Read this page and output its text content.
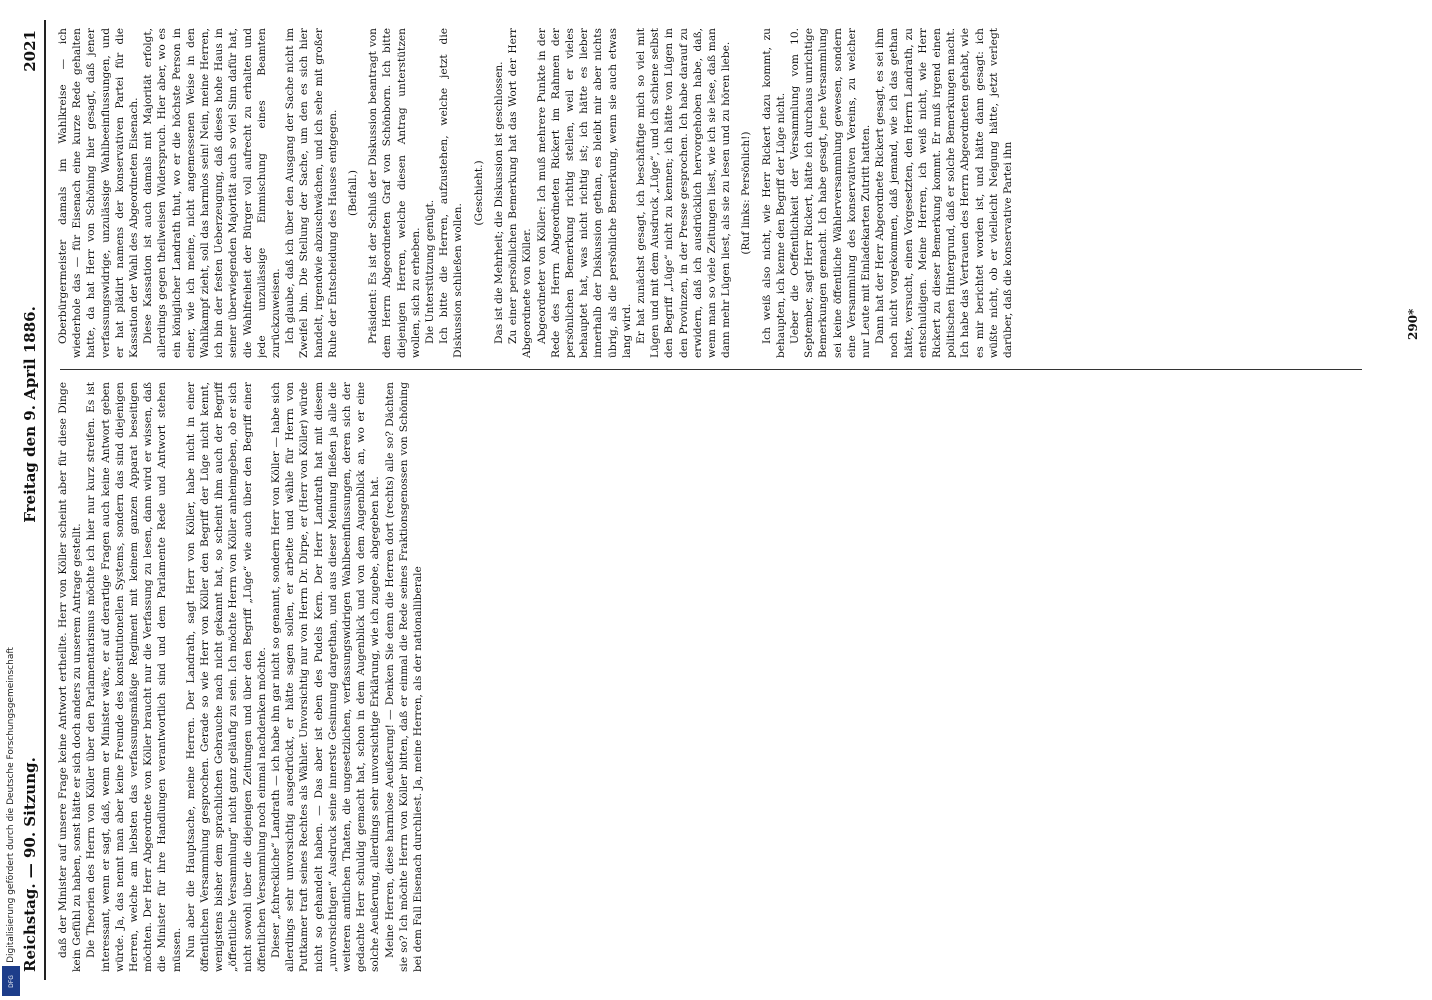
Reichstag. — 90. Sitzung.
Freitag den 9. April 1886.
2021

daß der Minister auf unsere Frage keine Antwort ertheilte. Herr von Köller scheint aber für diese Dinge kein Gefühl zu haben, sonst hätte er sich doch anders zu unserem Antrage gestellt. Die Theorien des Herrn von Köller über den Parlamentarismus möchte ich hier nur kurz streifen. Es ist interessant, wenn er sagt, daß, wenn er Minister wäre, er auf derartige Fragen auch keine Antwort geben würde. Ja, das nennt man aber keine Freunde des konstitutionellen Systems, sondern das sind diejenigen Herren, welche am liebsten das verfassungsmäßige Regiment mit keinem ganzen Apparat beseitigen möchten. Der Herr Abgeordnete von Köller braucht nur die Verfassung zu lesen, dann wird er wissen, daß die Minister für ihre Handlungen verantwortlich sind und dem Parlamente Rede und Antwort stehen müssen. Nun aber die Hauptsache, meine Herren. Der Landrath, sagt Herr von Köller, habe nicht in einer öffentlichen Versammlung gesprochen. Gerade so wie Herr von Köller den Begriff der Lüge nicht kennt, wenigstens bisher dem sprachlichen Gebrauche nach nicht gekannt hat, so scheint ihm auch der Begriff „öffentliche Versammlung“ nicht ganz geläufig zu sein. Ich möchte Herrn von Köller anheimgeben, ob er sich nicht sowohl über die diejenigen Zeitungen und über den Begriff „Lüge“ wie auch über den Begriff einer öffentlichen Versammlung noch einmal nachdenken möchte. Dieser „fchreckliche“ Landrath — ich habe ihn gar nicht so genannt, sondern Herr von Köller — habe sich allerdings sehr unvorsichtig ausgedrückt, er hätte sagen sollen, er arbeite und wähle für Herrn von Puttkamer traft seines Rechtes als Wähler. Unvorsichtig nur von Herrn Dr. Dirpe, er (Herr von Köller) würde nicht so gehandelt haben. — Das aber ist eben des Pudels Kern. Der Herr Landrath hat mit diesem „unvorsichtigen“ Ausdruck seine innerste Gesinnung dargethan, und aus dieser Meinung fließen ja alle die weiteren amtlichen Thaten, die ungesetzlichen, verfassungswidrigen Wahlbeeinflussungen, deren sich der gedachte Herr schuldig gemacht hat, schon in dem Augenblick und von dem Augenblick an, wo er eine solche Aeußerung, allerdings sehr unvorsichtige Erklärung, wie ich zugebe, abgegeben hat. Meine Herren, diese harmlose Aeußerung! — Denken Sie denn die Herren dort (rechts) alle so? Dächten sie so? Ich möchte Herrn von Köller bitten, daß er einmal die Rede seines Fraktionsgenossen von Schöning bei dem Fall Eisenach durchliest. Ja, meine Herren, als der nationalliberale

Oberbürgermeister damals im Wahlkreise — ich wiederhole das — für Eisenach eine kurze Rede gehalten hatte, da hat Herr von Schöning hier gesagt, daß jener verfassungswidrige, unzulässige Wahlbeeinflussungen, und er hat plädirt namens der konservativen Partei für die Kassation der Wahl des Abgeordneten Eisenach. Diese Kassation ist auch damals mit Majorität erfolgt, allerdings gegen theilweisen Widerspruch. Hier aber, wo es ein königlicher Landrath thut, wo er die höchste Person in einer, wie ich meine, nicht angemessenen Weise in den Wahlkampf zieht, soll das harmlos sein! Nein, meine Herren, ich bin der festen Ueberzeugung, daß dieses hohe Haus in seiner überwiegenden Majorität auch so viel Sinn dafür hat, die Wahlfreiheit der Bürger voll aufrecht zu erhalten und jede unzulässige Einmischung eines Beamten zurückzuweisen. Ich glaube, daß ich über den Ausgang der Sache nicht im Zweifel bin. Die Stellung der Sache, um den es sich hier handelt, irgendwie abzuschwächen, und ich sehe mit großer Ruhe der Entscheidung des Hauses entgegen. (Beifall.) Präsident: Es ist der Schluß der Diskussion beantragt von dem Herrn Abgeordneten Graf von Schönborn. Ich bitte diejenigen Herren, welche diesen Antrag unterstützen wollen, sich zu erheben. Die Unterstützung genügt. Ich bitte die Herren, aufzustehen, welche jetzt die Diskussion schließen wollen.

(Geschieht.) Das ist die Mehrheit; die Diskussion ist geschlossen. Zu einer persönlichen Bemerkung hat das Wort der Herr Abgeordnete von Köller. Abgeordneter von Köller: Ich muß mehrere Punkte in der Rede des Herrn Abgeordneten Rickert im Rahmen der persönlichen Bemerkung richtig stellen, weil er vieles behauptet hat, was nicht richtig ist; ich hätte es lieber innerhalb der Diskussion gethan, es bleibt mir aber nichts übrig, als die persönliche Bemerkung, wenn sie auch etwas lang wird. Er hat zunächst gesagt, ich beschäftige mich so viel mit Lügen und mit dem Ausdruck „Lüge“, und ich schiene selbst den Begriff „Lüge“ nicht zu kennen; ich hätte von Lügen in den Provinzen, in der Presse gesprochen. Ich habe darauf zu erwidern, daß ich ausdrücklich hervorgehoben habe, daß, wenn man so viele Zeitungen liest, wie ich sie lese, daß man dann mehr Lügen liest, als sie zu lesen und zu hören liebe. (Ruf links: Persönlich!) Ich weiß also nicht, wie Herr Rickert dazu kommt, zu behaupten, ich kenne den Begriff der Lüge nicht. Ueber die Oeffentlichkeit der Versammlung vom 10. September, sagt Herr Rickert, hätte ich durchaus unrichtige Bemerkungen gemacht. Ich habe gesagt, jene Versammlung sei keine öffentliche Wählerversammlung gewesen, sondern eine Versammlung des konservativen Vereins, zu welcher nur Leute mit Einladekarten Zutritt hatten. Dann hat der Herr Abgeordnete Rickert gesagt, es sei ihm noch nicht vorgekommen, daß jemand, wie ich das gethan hätte, versucht, einen Vorgesetzten, den Herrn Landrath, zu entschuldigen. Meine Herren, ich weiß nicht, wie Herr Rickert zu dieser Bemerkung kommt. Er muß irgend einen politischen Hintergrund, daß er solche Bemerkungen macht. Ich habe das Vertrauen des Herrn Abgeordneten gehabt, wie es mir berichtet worden ist, und hätte dann gesagt: ich wüßte nicht, ob er vielleicht Neigung hätte, jetzt verlegt darüber, daß die konservative Partei ihn	290*
Digitalisierung gefördert durch die Deutsche Forschungsgemeinschaft
DFG
